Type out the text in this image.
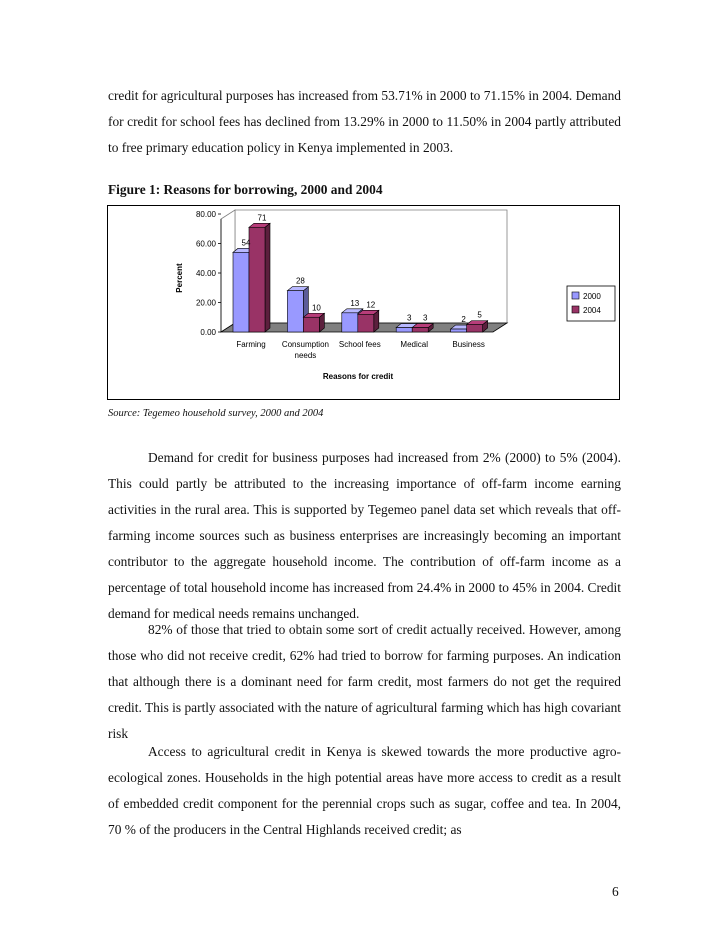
credit for agricultural purposes has increased from 53.71% in 2000 to 71.15% in 2004. Demand for credit for school fees has declined from 13.29% in 2000 to 11.50% in 2004 partly attributed to free primary education policy in Kenya implemented in 2003.
Figure 1: Reasons for borrowing, 2000 and 2004
0.00
20.00
40.00
60.00
80.00
Percent
54
71
28
10	13 12
3 3	2 5
Farming Consumption
needs
School fees Medical	Business
Reasons for credit
2000
2004
Source: Tegemeo household survey, 2000 and 2004
Demand for credit for business purposes had increased from 2% (2000) to 5% (2004). This could partly be attributed to the increasing importance of off-farm income earning activities in the rural area. This is supported by Tegemeo panel data set which reveals that off-farming income sources such as business enterprises are increasingly becoming an important contributor to the aggregate household income. The contribution of off-farm income as a percentage of total household income has increased from 24.4% in 2000 to 45% in 2004. Credit demand for medical needs remains unchanged.
82% of those that tried to obtain some sort of credit actually received. However, among those who did not receive credit, 62% had tried to borrow for farming purposes. An indication that although there is a dominant need for farm credit, most farmers do not get the required credit. This is partly associated with the nature of agricultural farming which has high covariant risk
Access to agricultural credit in Kenya is skewed towards the more productive agro-ecological zones. Households in the high potential areas have more access to credit as a result of embedded credit component for the perennial crops such as sugar, coffee and tea. In 2004, 70 % of the producers in the Central Highlands received credit; as
6
